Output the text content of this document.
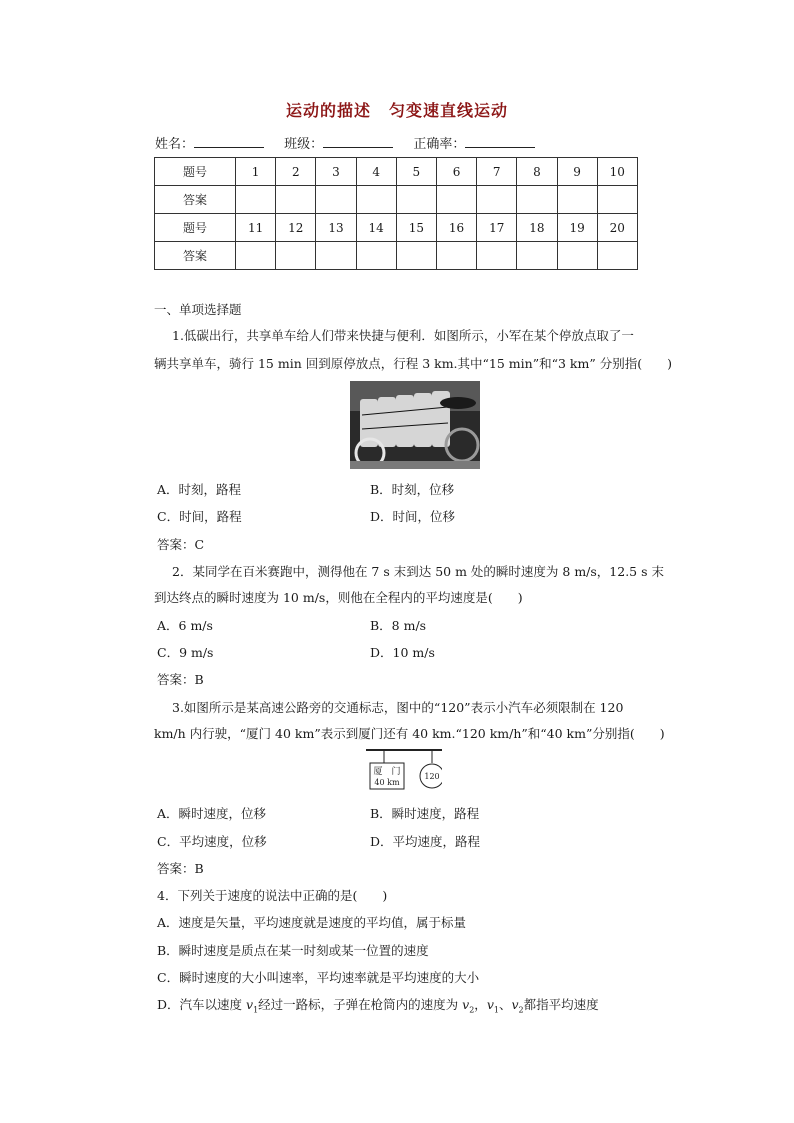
运动的描述 匀变速直线运动
姓名：	班级：	正确率：
题号	1	2	3	4	5	6	7	8	9	10
答案										
题号	11	12	13	14	15	16	17	18	19	20
答案										
一、单项选择题
1.低碳出行，共享单车给人们带来快捷与便利．如图所示，小军在某个停放点取了一
辆共享单车，骑行 15 min 回到原停放点，行程 3 km.其中“15 min”和“3 km” 分别指(　　)
A．时刻，路程	B．时刻，位移
C．时间，路程	D．时间，位移
答案：C
2．某同学在百米赛跑中，测得他在 7 s 末到达 50 m 处的瞬时速度为 8 m/s，12.5 s 末
到达终点的瞬时速度为 10 m/s，则他在全程内的平均速度是(　　)
A．6 m/s	B．8 m/s
C．9 m/s	D．10 m/s
答案：B
3.如图所示是某高速公路旁的交通标志，图中的“120”表示小汽车必须限制在 120
km/h 内行驶，“厦门 40 km”表示到厦门还有 40 km.“120 km/h”和“40 km”分别指(　　)
厦　门
40 km
120
A．瞬时速度，位移	B．瞬时速度，路程
C．平均速度，位移	D．平均速度，路程
答案：B
4．下列关于速度的说法中正确的是(　　)
A．速度是矢量，平均速度就是速度的平均值，属于标量
B．瞬时速度是质点在某一时刻或某一位置的速度
C．瞬时速度的大小叫速率，平均速率就是平均速度的大小
D．汽车以速度 $v_1$经过一路标，子弹在枪筒内的速度为 $v_2$，$v_1$、$v_2$都指平均速度
